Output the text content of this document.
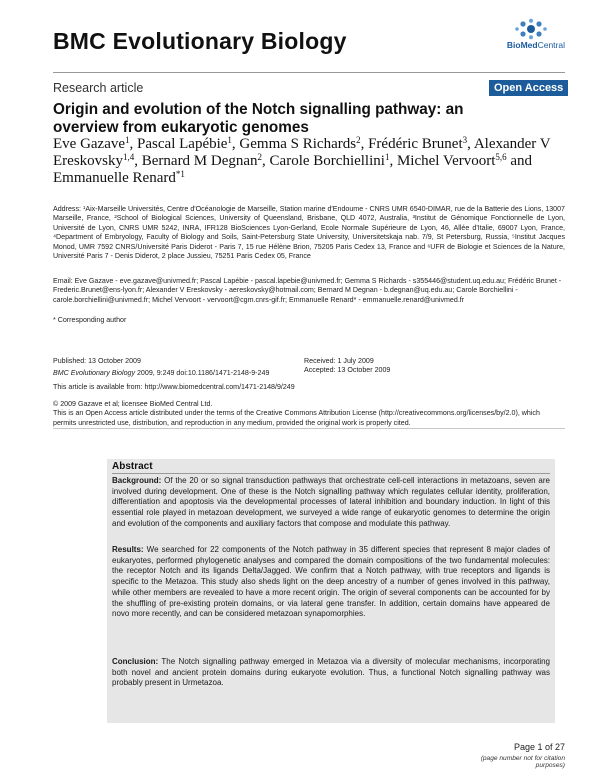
BMC Evolutionary Biology	BioMedCentral
Research article	Open Access
Origin and evolution of the Notch signalling pathway: an overview from eukaryotic genomes
Eve Gazave$^1$, Pascal Lapébie$^1$, Gemma S Richards$^2$, Frédéric Brunet$^3$, Alexander V Ereskovsky$^{1,4}$, Bernard M Degnan$^2$, Carole Borchiellini$^1$, Michel Vervoort$^{5,6}$ and Emmanuelle Renard$^{*1}$
Address: ¹Aix-Marseille Universités, Centre d'Océanologie de Marseille, Station marine d'Endoume - CNRS UMR 6540-DIMAR, rue de la Batterie des Lions, 13007 Marseille, France, ²School of Biological Sciences, University of Queensland, Brisbane, QLD 4072, Australia, ³Institut de Génomique Fonctionnelle de Lyon, Université de Lyon, CNRS UMR 5242, INRA, IFR128 BioSciences Lyon-Gerland, Ecole Normale Supérieure de Lyon, 46, Allée d'Italie, 69007 Lyon, France, ⁴Department of Embryology, Faculty of Biology and Soils, Saint-Petersburg State University, Universitetskaja nab. 7/9, St Petersburg, Russia, ⁵Institut Jacques Monod, UMR 7592 CNRS/Université Paris Diderot - Paris 7, 15 rue Hélène Brion, 75205 Paris Cedex 13, France and ⁶UFR de Biologie et Sciences de la Nature, Université Paris 7 - Denis Diderot, 2 place Jussieu, 75251 Paris Cedex 05, France
Email: Eve Gazave - eve.gazave@univmed.fr; Pascal Lapébie - pascal.lapebie@univmed.fr; Gemma S Richards - s355446@student.uq.edu.au; Frédéric Brunet - Frederic.Brunet@ens-lyon.fr; Alexander V Ereskovsky - aereskovsky@hotmail.com; Bernard M Degnan - b.degnan@uq.edu.au; Carole Borchiellini - carole.borchiellini@univmed.fr; Michel Vervoort - vervoort@cgm.cnrs-gif.fr; Emmanuelle Renard* - emmanuelle.renard@univmed.fr
* Corresponding author
Published: 13 October 2009
BMC Evolutionary Biology 2009, 9:249 doi:10.1186/1471-2148-9-249
Received: 1 July 2009
Accepted: 13 October 2009
This article is available from: http://www.biomedcentral.com/1471-2148/9/249
© 2009 Gazave et al; licensee BioMed Central Ltd.
This is an Open Access article distributed under the terms of the Creative Commons Attribution License (http://creativecommons.org/licenses/by/2.0), which permits unrestricted use, distribution, and reproduction in any medium, provided the original work is properly cited.
Abstract
Background: Of the 20 or so signal transduction pathways that orchestrate cell-cell interactions in metazoans, seven are involved during development. One of these is the Notch signalling pathway which regulates cellular identity, proliferation, differentiation and apoptosis via the developmental processes of lateral inhibition and boundary induction. In light of this essential role played in metazoan development, we surveyed a wide range of eukaryotic genomes to determine the origin and evolution of the components and auxiliary factors that compose and modulate this pathway.
Results: We searched for 22 components of the Notch pathway in 35 different species that represent 8 major clades of eukaryotes, performed phylogenetic analyses and compared the domain compositions of the two fundamental molecules: the receptor Notch and its ligands Delta/Jagged. We confirm that a Notch pathway, with true receptors and ligands is specific to the Metazoa. This study also sheds light on the deep ancestry of a number of genes involved in this pathway, while other members are revealed to have a more recent origin. The origin of several components can be accounted for by the shuffling of pre-existing protein domains, or via lateral gene transfer. In addition, certain domains have appeared de novo more recently, and can be considered metazoan synapomorphies.
Conclusion: The Notch signalling pathway emerged in Metazoa via a diversity of molecular mechanisms, incorporating both novel and ancient protein domains during eukaryote evolution. Thus, a functional Notch signalling pathway was probably present in Urmetazoa.
Page 1 of 27
(page number not for citation purposes)
